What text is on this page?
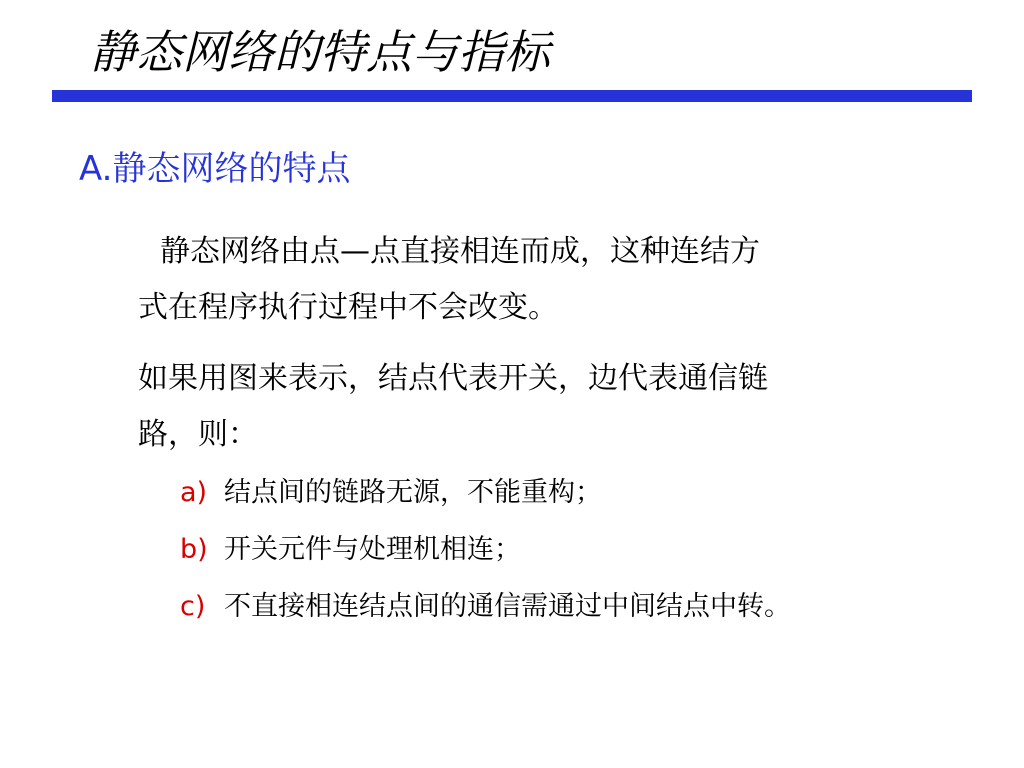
静态网络的特点与指标
A.静态网络的特点
静态网络由点—点直接相连而成，这种连结方
式在程序执行过程中不会改变。
如果用图来表示，结点代表开关，边代表通信链
路，则：
a) 结点间的链路无源，不能重构；
b) 开关元件与处理机相连；
c) 不直接相连结点间的通信需通过中间结点中转。
